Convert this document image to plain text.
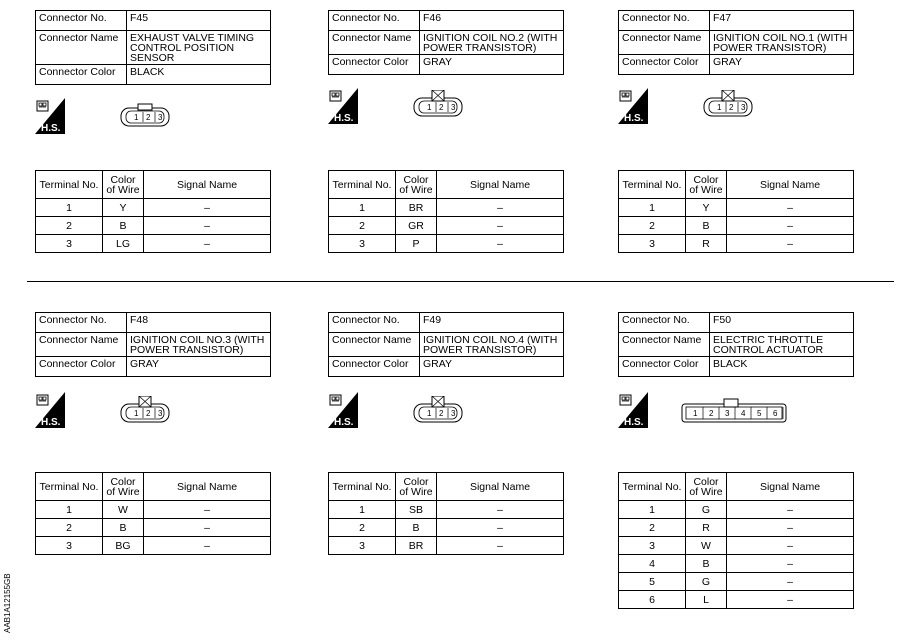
AAB1A12155GB
Connector No.	F45
Connector Name	EXHAUST VALVE TIMING CONTROL POSITION SENSOR
Connector Color	BLACK
H.S.
1 2 3
Terminal No.	Color of Wire	Signal Name
1	Y	–
2	B	–
3	LG	–
Connector No.	F46
Connector Name	IGNITION COIL NO.2 (WITH POWER TRANSISTOR)
Connector Color	GRAY
H.S.
1 2 3
Terminal No.	Color of Wire	Signal Name
1	BR	–
2	GR	–
3	P	–
Connector No.	F47
Connector Name	IGNITION COIL NO.1 (WITH POWER TRANSISTOR)
Connector Color	GRAY
H.S.
1 2 3
Terminal No.	Color of Wire	Signal Name
1	Y	–
2	B	–
3	R	–
Connector No.	F48
Connector Name	IGNITION COIL NO.3 (WITH POWER TRANSISTOR)
Connector Color	GRAY
H.S.
1 2 3
Terminal No.	Color of Wire	Signal Name
1	W	–
2	B	–
3	BG	–
Connector No.	F49
Connector Name	IGNITION COIL NO.4 (WITH POWER TRANSISTOR)
Connector Color	GRAY
H.S.
1 2 3
Terminal No.	Color of Wire	Signal Name
1	SB	–
2	B	–
3	BR	–
Connector No.	F50
Connector Name	ELECTRIC THROTTLE CONTROL ACTUATOR
Connector Color	BLACK
H.S.
1 2 3 4 5 6
Terminal No.	Color of Wire	Signal Name
1	G	–
2	R	–
3	W	–
4	B	–
5	G	–
6	L	–
